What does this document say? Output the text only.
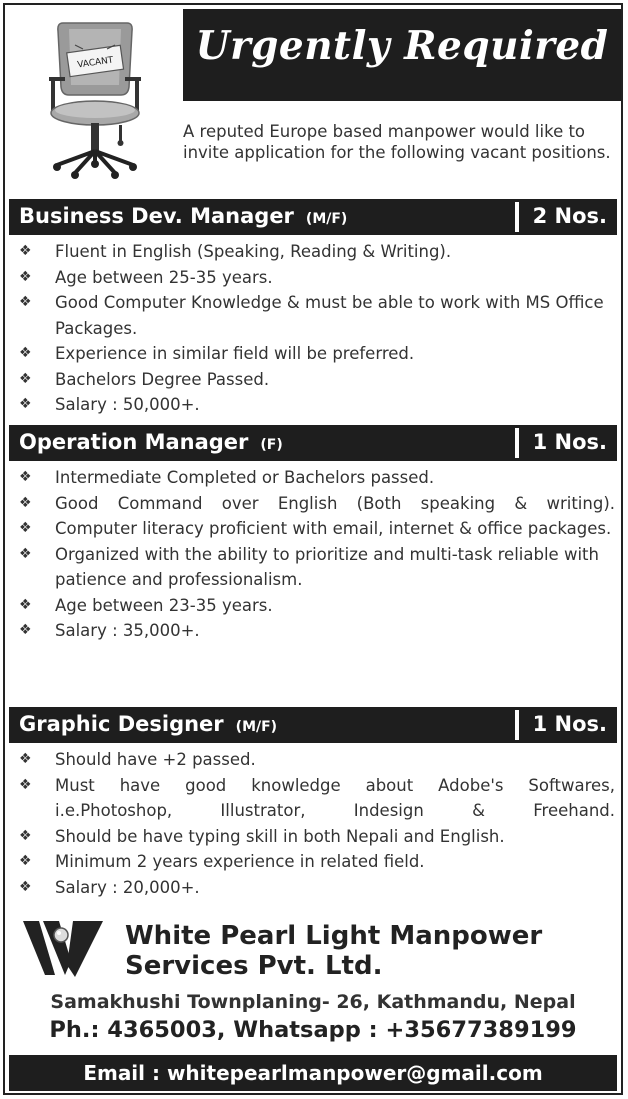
VACANT	Urgently Required
A reputed Europe based manpower would like to invite application for the following vacant positions.
Business Dev. Manager (M/F)	2 Nos.
❖ Fluent in English (Speaking, Reading & Writing).
❖ Age between 25-35 years.
❖ Good Computer Knowledge & must be able to work with MS Office Packages.
❖ Experience in similar field will be preferred.
❖ Bachelors Degree Passed.
❖ Salary : 50,000+.
Operation Manager (F)	1 Nos.
❖ Intermediate Completed or Bachelors passed.
❖ Good Command over English (Both speaking & writing).
❖ Computer literacy proficient with email, internet & office packages.
❖ Organized with the ability to prioritize and multi-task reliable with patience and professionalism.
❖ Age between 23-35 years.
❖ Salary : 35,000+.
Graphic Designer (M/F)	1 Nos.
❖ Should have +2 passed.
❖ Must have good knowledge about Adobe's Softwares, i.e.Photoshop, Illustrator, Indesign & Freehand.
❖ Should be have typing skill in both Nepali and English.
❖ Minimum 2 years experience in related field.
❖ Salary : 20,000+.
White Pearl Light Manpower
Services Pvt. Ltd.
Samakhushi Townplaning- 26, Kathmandu, Nepal
Ph.: 4365003, Whatsapp : +35677389199
Email : whitepearlmanpower@gmail.com
